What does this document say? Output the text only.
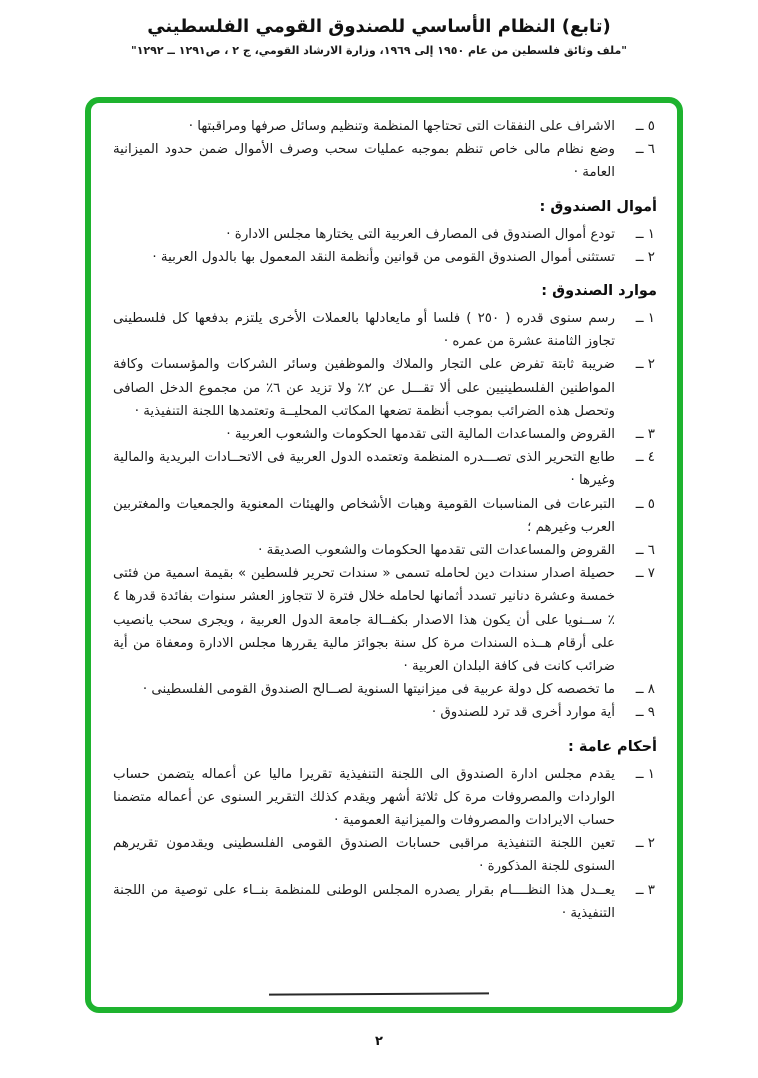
(تابع) النظام الأساسي للصندوق القومي الفلسطيني
"ملف وثائق فلسطين من عام ١٩٥٠ إلى ١٩٦٩، وزارة الارشاد القومي، ج ٢ ، ص١٢٩١ ــ ١٢٩٢"
٥ ــ
الاشراف على النفقات التى تحتاجها المنظمة وتنظيم وسائل صرفها ومراقبتها ·
٦ ــ
وضع نظام مالى خاص تنظم بموجبه عمليات سحب وصرف الأموال ضمن حدود الميزانية العامة ·
أموال الصندوق :
١ ــ
تودع أموال الصندوق فى المصارف العربية التى يختارها مجلس الادارة ·
٢ ــ
تستثنى أموال الصندوق القومى من قوانين وأنظمة النقد المعمول بها بالدول العربية ·
موارد الصندوق :
١ ــ
رسم سنوى قدره ( ٢٥٠ ) فلسا أو مايعادلها بالعملات الأخرى يلتزم بدفعها كل فلسطينى تجاوز الثامنة عشرة من عمره ·
٢ ــ
ضريبة ثابتة تفرض على التجار والملاك والموظفين وسائر الشركات والمؤسسات وكافة المواطنين الفلسطينيين على ألا تقـــل عن ٢٪ ولا تزيد عن ٦٪ من مجموع الدخل الصافى وتحصل هذه الضرائب بموجب أنظمة تضعها المكاتب المحليــة وتعتمدها اللجنة التنفيذية ·
٣ ــ
القروض والمساعدات المالية التى تقدمها الحكومات والشعوب العربية ·
٤ ــ
طابع التحرير الذى تصـــدره المنظمة وتعتمده الدول العربية فى الاتحــادات البريدية والمالية وغيرها ·
٥ ــ
التبرعات فى المناسبات القومية وهبات الأشخاص والهيئات المعنوية والجمعيات والمغتربين العرب وغيرهم ؛
٦ ــ
القروض والمساعدات التى تقدمها الحكومات والشعوب الصديقة ·
٧ ــ
حصيلة اصدار سندات دين لحامله تسمى « سندات تحرير فلسطين » بقيمة اسمية من فئتى خمسة وعشرة دنانير تسدد أثمانها لحامله خلال فترة لا تتجاوز العشر سنوات بفائدة قدرها ٤ ٪ ســنويا على أن يكون هذا الاصدار بكفــالة جامعة الدول العربية ، ويجرى سحب يانصيب على أرقام هــذه السندات مرة كل سنة بجوائز مالية يقررها مجلس الادارة ومعفاة من أية ضرائب كانت فى كافة البلدان العربية ·
٨ ــ
ما تخصصه كل دولة عربية فى ميزانيتها السنوية لصــالح الصندوق القومى الفلسطينى ·
٩ ــ
أية موارد أخرى قد ترد للصندوق ·
أحكام عامة :
١ ــ
يقدم مجلس ادارة الصندوق الى اللجنة التنفيذية تقريرا ماليا عن أعماله يتضمن حساب الواردات والمصروفات مرة كل ثلاثة أشهر ويقدم كذلك التقرير السنوى عن أعماله متضمنا حساب الايرادات والمصروفات والميزانية العمومية ·
٢ ــ
تعين اللجنة التنفيذية مراقبى حسابات الصندوق القومى الفلسطينى ويقدمون تقريرهم السنوى للجنة المذكورة ·
٣ ــ
يعــدل هذا النظــــام بقرار يصدره المجلس الوطنى للمنظمة بنــاء على توصية من اللجنة التنفيذية ·
٢
